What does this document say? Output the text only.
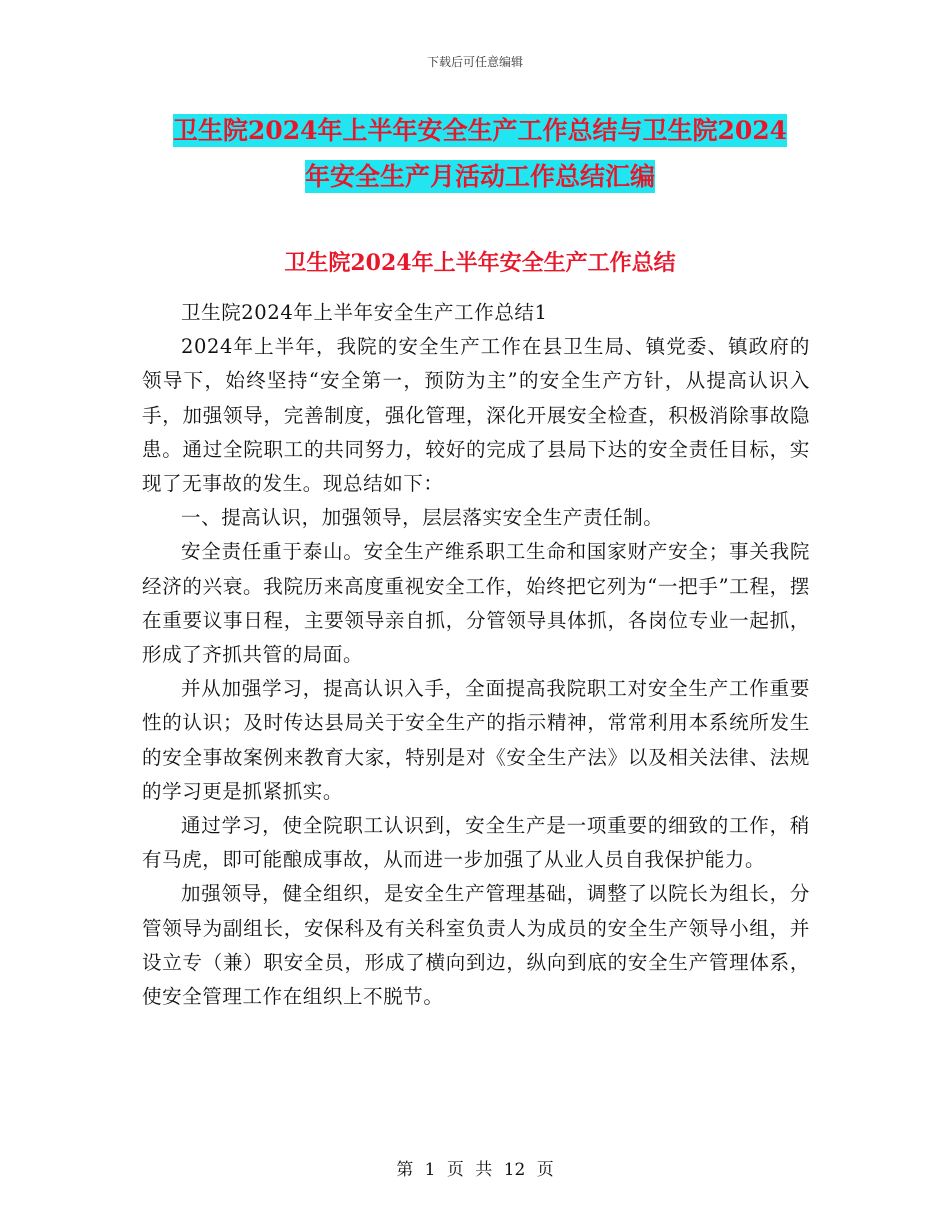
下载后可任意编辑
卫生院2024年上半年安全生产工作总结与卫生院2024
年安全生产月活动工作总结汇编
卫生院2024年上半年安全生产工作总结

卫生院2024年上半年安全生产工作总结1

2024年上半年，我院的安全生产工作在县卫生局、镇党委、镇政府的领导下，始终坚持“安全第一，预防为主”的安全生产方针，从提高认识入手，加强领导，完善制度，强化管理，深化开展安全检查，积极消除事故隐患。通过全院职工的共同努力，较好的完成了县局下达的安全责任目标，实现了无事故的发生。现总结如下：

一、提高认识，加强领导，层层落实安全生产责任制。

安全责任重于泰山。安全生产维系职工生命和国家财产安全；事关我院经济的兴衰。我院历来高度重视安全工作，始终把它列为“一把手”工程，摆在重要议事日程，主要领导亲自抓，分管领导具体抓，各岗位专业一起抓，形成了齐抓共管的局面。

并从加强学习，提高认识入手，全面提高我院职工对安全生产工作重要性的认识；及时传达县局关于安全生产的指示精神，常常利用本系统所发生的安全事故案例来教育大家，特别是对《安全生产法》以及相关法律、法规的学习更是抓紧抓实。

通过学习，使全院职工认识到，安全生产是一项重要的细致的工作，稍有马虎，即可能酿成事故，从而进一步加强了从业人员自我保护能力。

加强领导，健全组织，是安全生产管理基础，调整了以院长为组长，分管领导为副组长，安保科及有关科室负责人为成员的安全生产领导小组，并设立专（兼）职安全员，形成了横向到边，纵向到底的安全生产管理体系，使安全管理工作在组织上不脱节。

第 1 页 共 12 页
